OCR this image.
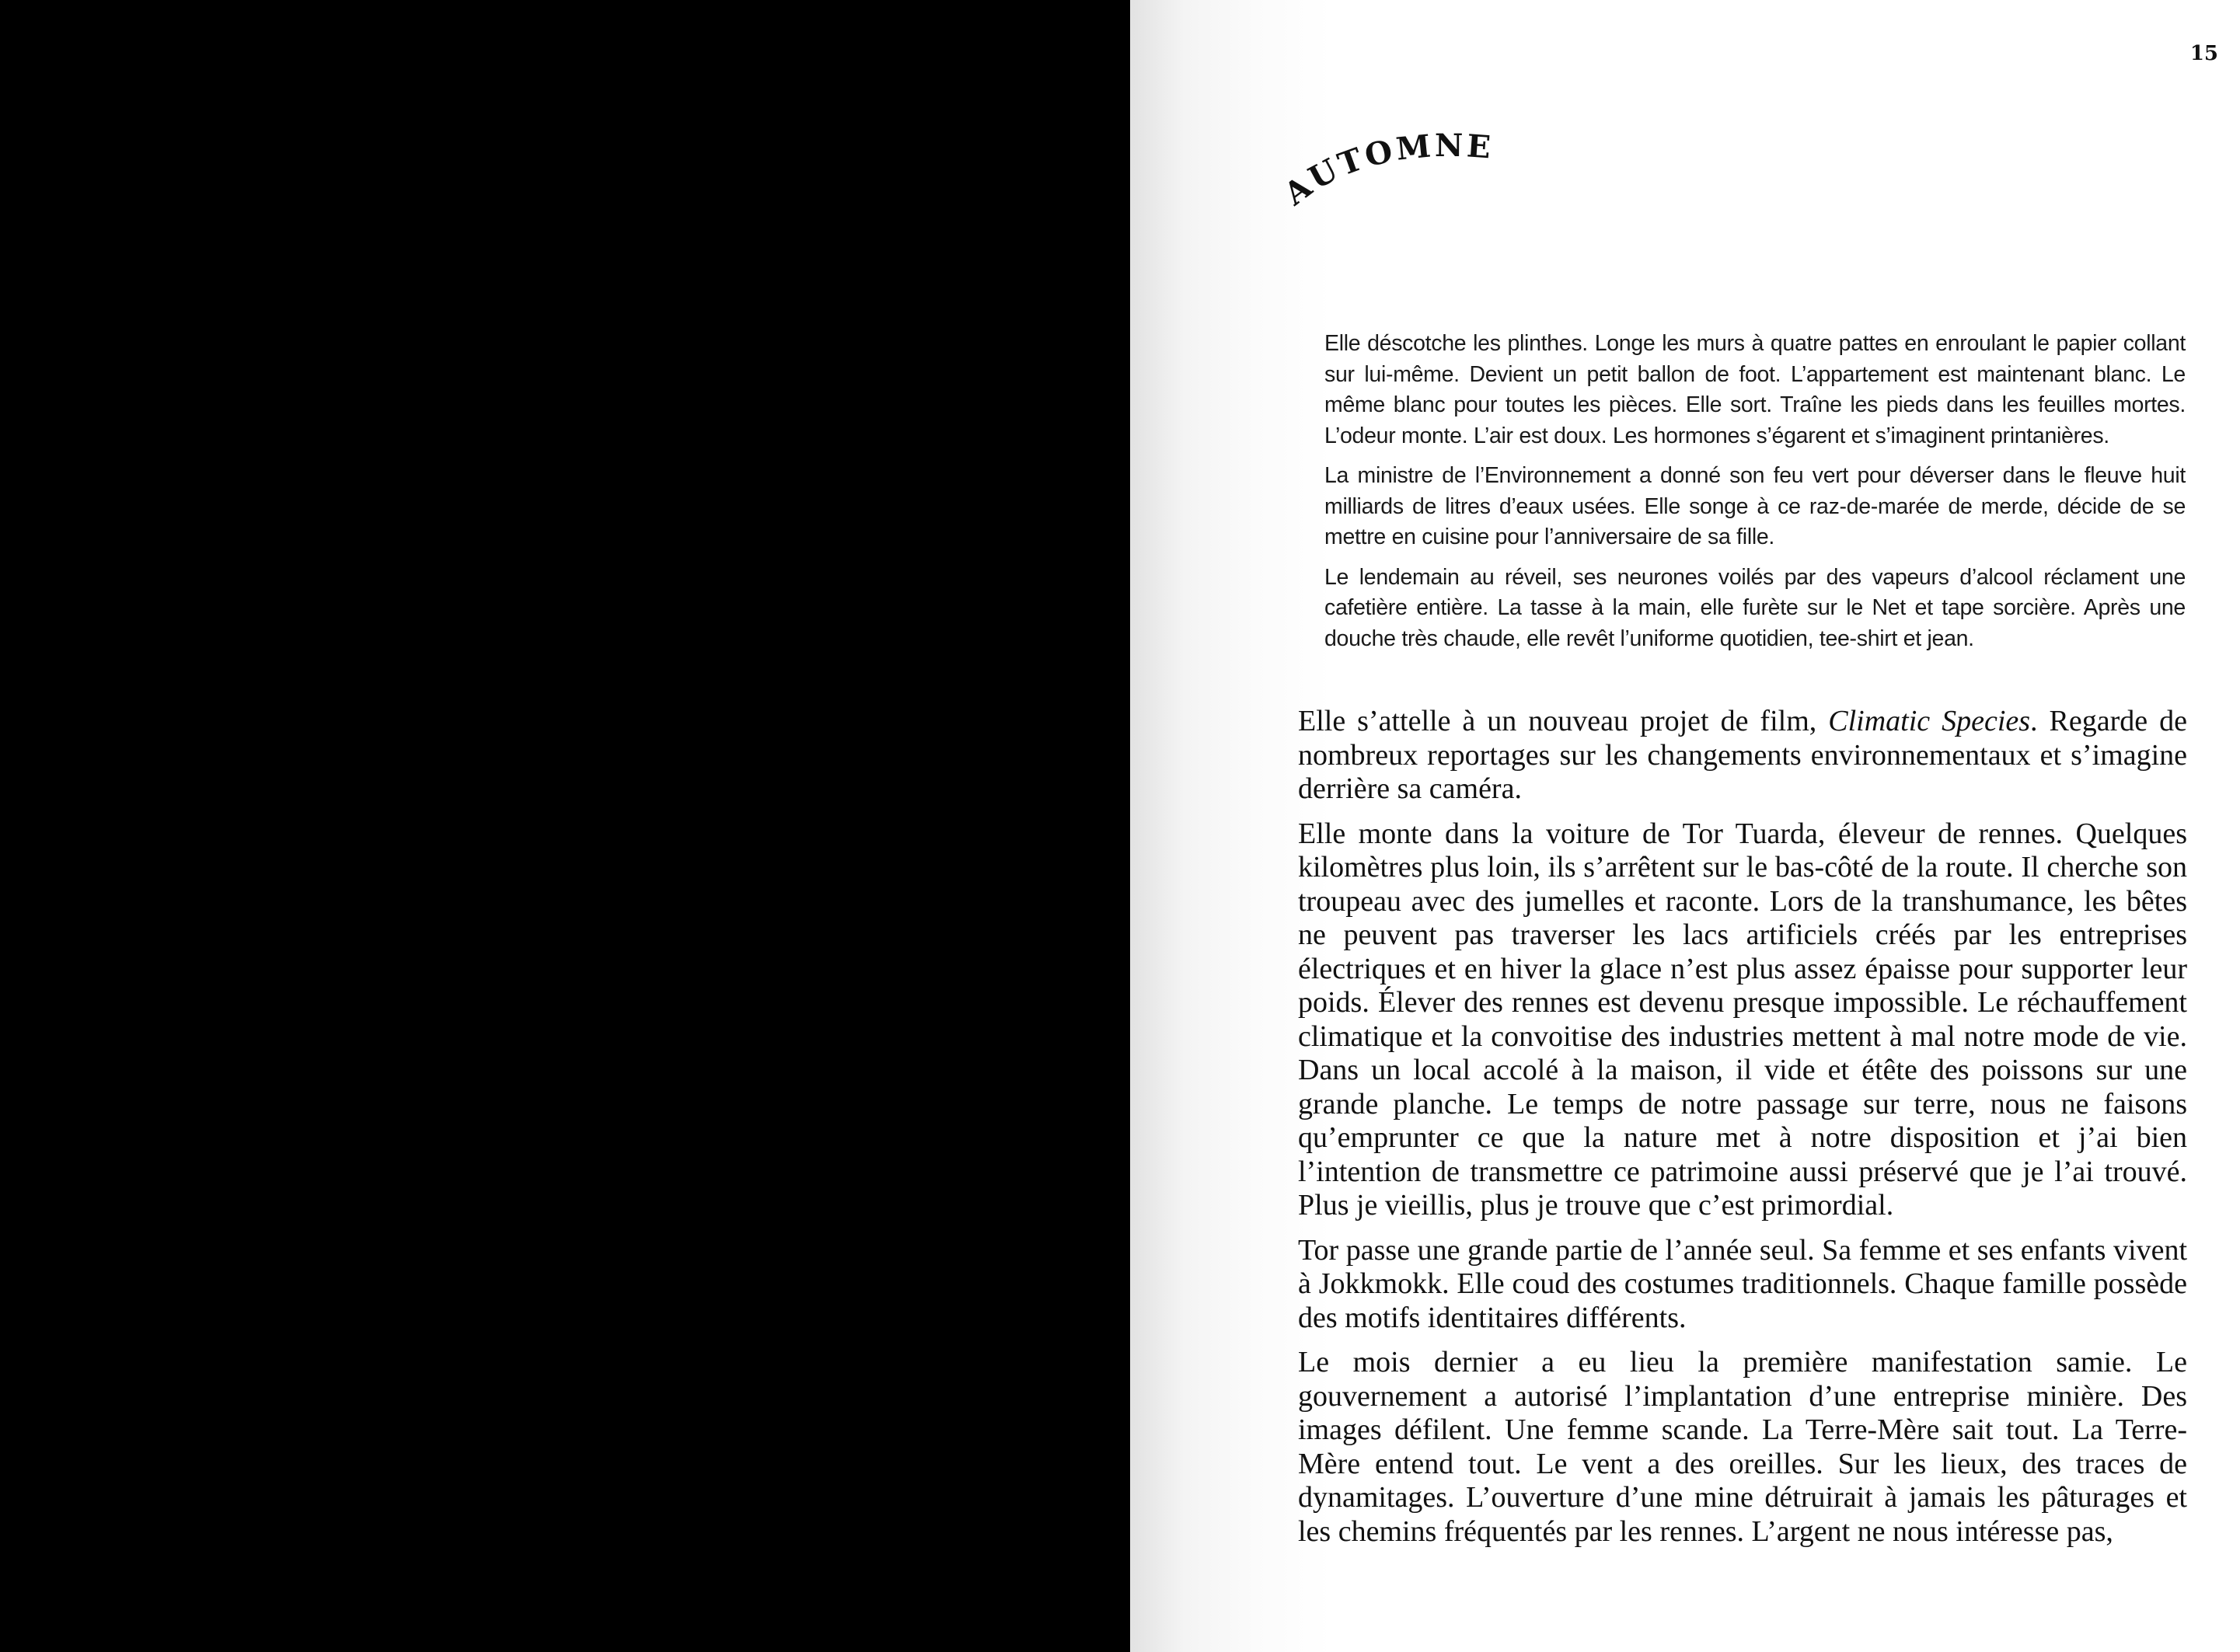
15
AUTOMNE

Elle déscotche les plinthes. Longe les murs à quatre pattes en enroulant le papier collant sur lui-même. Devient un petit ballon de foot. L’appartement est maintenant blanc. Le même blanc pour toutes les pièces. Elle sort. Traîne les pieds dans les feuilles mortes. L’odeur monte. L’air est doux. Les hormones s’égarent et s’imaginent printanières.

La ministre de l’Environnement a donné son feu vert pour déverser dans le fleuve huit milliards de litres d’eaux usées. Elle songe à ce raz-de-marée de merde, décide de se mettre en cuisine pour l’anniversaire de sa fille.

Le lendemain au réveil, ses neurones voilés par des vapeurs d’alcool réclament une cafetière entière. La tasse à la main, elle furète sur le Net et tape sorcière. Après une douche très chaude, elle revêt l’uniforme quotidien, tee-shirt et jean.

Elle s’attelle à un nouveau projet de film, Climatic Species. Regarde de nombreux reportages sur les changements environnementaux et s’imagine derrière sa caméra.

Elle monte dans la voiture de Tor Tuarda, éleveur de rennes. Quelques kilomètres plus loin, ils s’arrêtent sur le bas-côté de la route. Il cherche son troupeau avec des jumelles et raconte. Lors de la transhumance, les bêtes ne peuvent pas traverser les lacs artificiels créés par les entreprises électriques et en hiver la glace n’est plus assez épaisse pour supporter leur poids. Élever des rennes est devenu presque impossible. Le réchauffement climatique et la convoitise des industries mettent à mal notre mode de vie. Dans un local accolé à la maison, il vide et étête des poissons sur une grande planche. Le temps de notre passage sur terre, nous ne faisons qu’emprunter ce que la nature met à notre disposition et j’ai bien l’intention de transmettre ce patrimoine aussi préservé que je l’ai trouvé. Plus je vieillis, plus je trouve que c’est primordial.

Tor passe une grande partie de l’année seul. Sa femme et ses enfants vivent à Jokkmokk. Elle coud des costumes traditionnels. Chaque famille possède des motifs identitaires différents.

Le mois dernier a eu lieu la première manifestation samie. Le gouvernement a autorisé l’implantation d’une entreprise minière. Des images défilent. Une femme scande. La Terre-Mère sait tout. La Terre-Mère entend tout. Le vent a des oreilles. Sur les lieux, des traces de dynamitages. L’ouverture d’une mine détruirait à jamais les pâturages et les chemins fréquentés par les rennes. L’argent ne nous intéresse pas,
